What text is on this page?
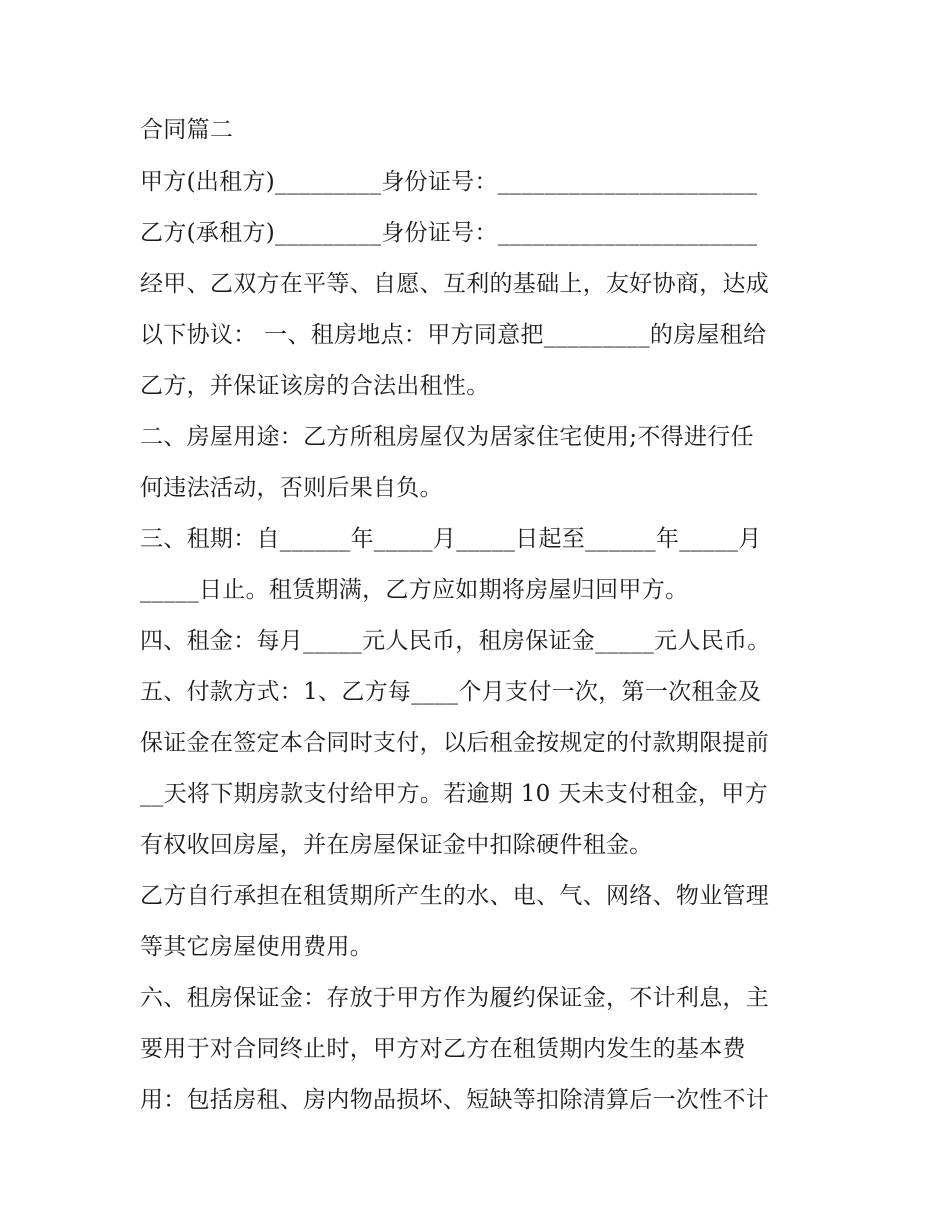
合同篇二
甲方(出租方)_________身份证号：______________________
乙方(承租方)_________身份证号：______________________
经甲、乙双方在平等、自愿、互利的基础上，友好协商，达成
以下协议： 一、租房地点：甲方同意把_________的房屋租给
乙方，并保证该房的合法出租性。
二、房屋用途：乙方所租房屋仅为居家住宅使用;不得进行任
何违法活动，否则后果自负。
三、租期：自______年_____月_____日起至______年_____月
_____日止。租赁期满，乙方应如期将房屋归回甲方。
四、租金：每月_____元人民币，租房保证金_____元人民币。
五、付款方式：1、乙方每____个月支付一次，第一次租金及
保证金在签定本合同时支付，以后租金按规定的付款期限提前
__天将下期房款支付给甲方。若逾期 10 天未支付租金，甲方
有权收回房屋，并在房屋保证金中扣除硬件租金。
乙方自行承担在租赁期所产生的水、电、气、网络、物业管理
等其它房屋使用费用。
六、租房保证金：存放于甲方作为履约保证金，不计利息，主
要用于对合同终止时，甲方对乙方在租赁期内发生的基本费
用：包括房租、房内物品损坏、短缺等扣除清算后一次性不计
